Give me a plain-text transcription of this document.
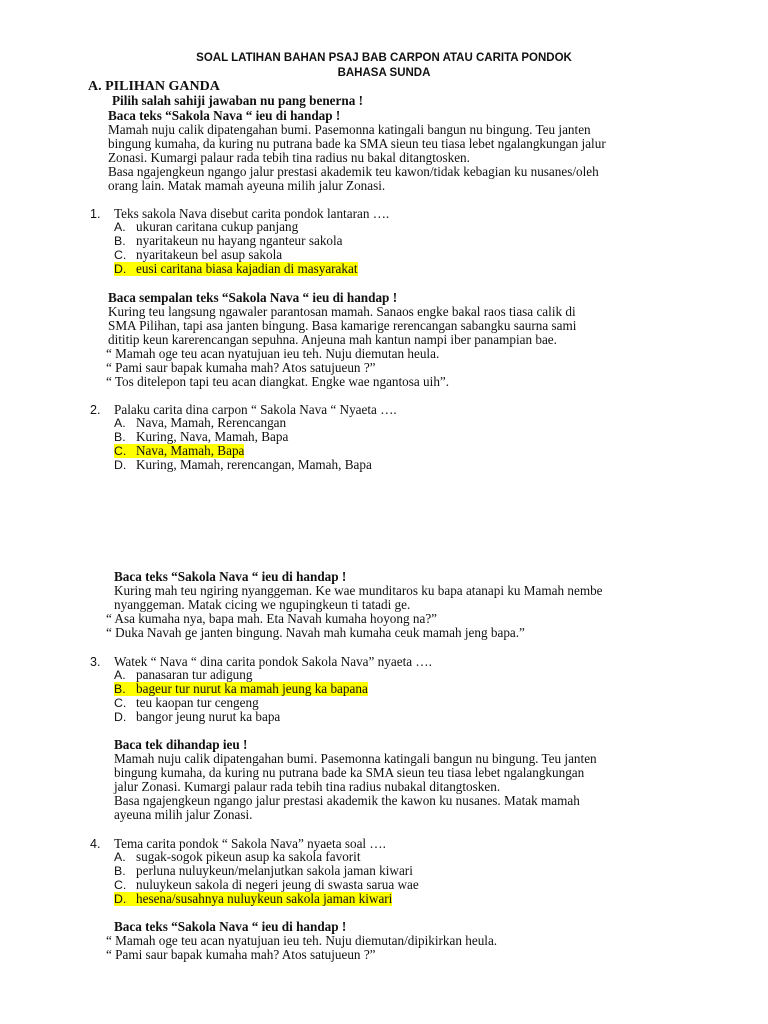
SOAL LATIHAN BAHAN PSAJ BAB CARPON ATAU CARITA PONDOK
BAHASA SUNDA
A. PILIHAN GANDA
Pilih salah sahiji jawaban nu pang benerna !
Baca teks “Sakola Nava “ ieu di handap !
Mamah nuju calik dipatengahan bumi. Pasemonna katingali bangun nu bingung. Teu janten
bingung kumaha, da kuring nu putrana bade ka SMA sieun teu tiasa lebet ngalangkungan jalur
Zonasi. Kumargi palaur rada tebih tina radius nu bakal ditangtosken.
Basa ngajengkeun ngango jalur prestasi akademik teu kawon/tidak kebagian ku nusanes/oleh
orang lain. Matak mamah ayeuna milih jalur Zonasi.
1. Teks sakola Nava disebut carita pondok lantaran ….
A. ukuran caritana cukup panjang
B. nyaritakeun nu hayang nganteur sakola
C. nyaritakeun bel asup sakola
D. eusi caritana biasa kajadian di masyarakat
Baca sempalan teks “Sakola Nava “ ieu di handap !
Kuring teu langsung ngawaler parantosan mamah. Sanaos engke bakal raos tiasa calik di
SMA Pilihan, tapi asa janten bingung. Basa kamarige rerencangan sabangku saurna sami
dititip keun karerencangan sepuhna. Anjeuna mah kantun nampi iber panampian bae.
“ Mamah oge teu acan nyatujuan ieu teh. Nuju diemutan heula.
“ Pami saur bapak kumaha mah? Atos satujueun ?”
“ Tos ditelepon tapi teu acan diangkat. Engke wae ngantosa uih”.
2. Palaku carita dina carpon “ Sakola Nava “ Nyaeta ….
A. Nava, Mamah, Rerencangan
B. Kuring, Nava, Mamah, Bapa
C. Nava, Mamah, Bapa
D. Kuring, Mamah, rerencangan, Mamah, Bapa
Baca teks “Sakola Nava “ ieu di handap !
Kuring mah teu ngiring nyanggeman. Ke wae munditaros ku bapa atanapi ku Mamah nembe
nyanggeman. Matak cicing we ngupingkeun ti tatadi ge.
“ Asa kumaha nya, bapa mah. Eta Navah kumaha hoyong na?”
“ Duka Navah ge janten bingung. Navah mah kumaha ceuk mamah jeng bapa.”
3. Watek “ Nava “ dina carita pondok Sakola Nava” nyaeta ….
A. panasaran tur adigung
B. bageur tur nurut ka mamah jeung ka bapana
C. teu kaopan tur cengeng
D. bangor jeung nurut ka bapa
Baca tek dihandap ieu !
Mamah nuju calik dipatengahan bumi. Pasemonna katingali bangun nu bingung. Teu janten
bingung kumaha, da kuring nu putrana bade ka SMA sieun teu tiasa lebet ngalangkungan
jalur Zonasi. Kumargi palaur rada tebih tina radius nubakal ditangtosken.
Basa ngajengkeun ngango jalur prestasi akademik the kawon ku nusanes. Matak mamah
ayeuna milih jalur Zonasi.
4. Tema carita pondok “ Sakola Nava” nyaeta soal ….
A. sugak-sogok pikeun asup ka sakola favorit
B. perluna nuluykeun/melanjutkan sakola jaman kiwari
C. nuluykeun sakola di negeri jeung di swasta sarua wae
D. hesena/susahnya nuluykeun sakola jaman kiwari
Baca teks “Sakola Nava “ ieu di handap !
“ Mamah oge teu acan nyatujuan ieu teh. Nuju diemutan/dipikirkan heula.
“ Pami saur bapak kumaha mah? Atos satujueun ?”
